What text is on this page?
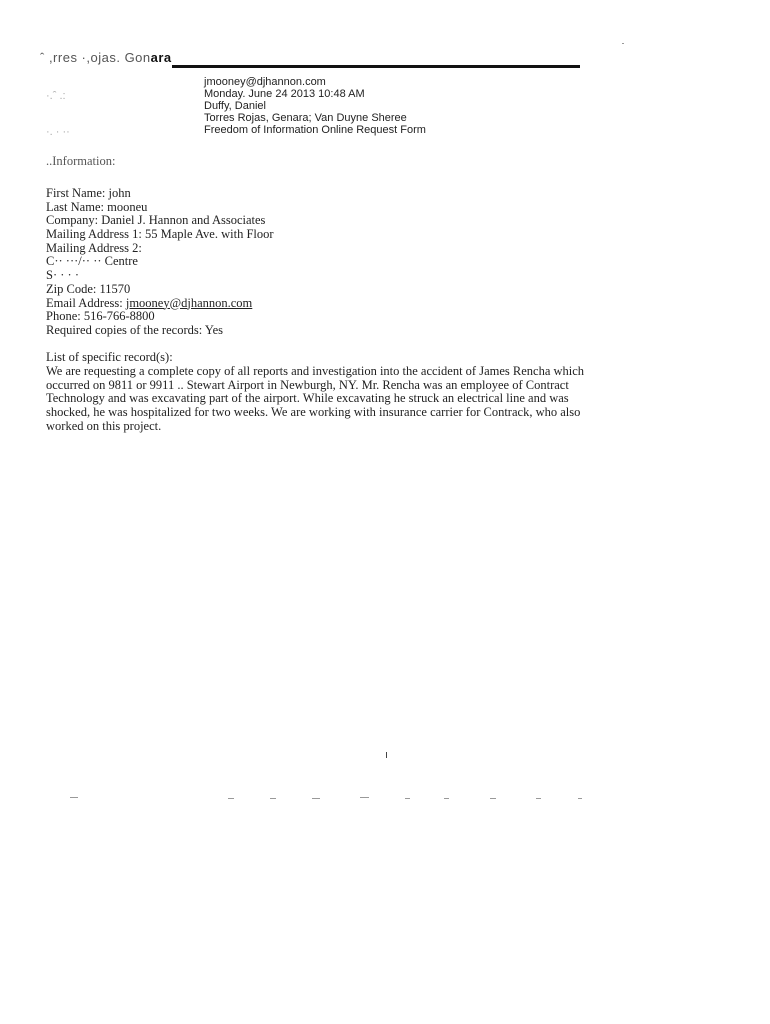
ˆ ,rres ·,ojas. Gonara
·.ˆ .:
·. · ··
jmooney@djhannon.com
Monday. June 24 2013 10:48 AM
Duffy, Daniel
Torres Rojas, Genara; Van Duyne Sheree
Freedom of Information Online Request Form
..Information:
First Name: john
Last Name: mooneu
Company: Daniel J. Hannon and Associates
Mailing Address 1: 55 Maple Ave. with Floor
Mailing Address 2:
C·· ···/·· ·· Centre
S· · · ·
Zip Code: 11570
Email Address: jmooney@djhannon.com
Phone: 516-766-8800
Required copies of the records: Yes
List of specific record(s):
We are requesting a complete copy of all reports and investigation into the accident of James Rencha which
occurred on 9811 or 9911 .. Stewart Airport in Newburgh, NY. Mr. Rencha was an employee of Contract
Technology and was excavating part of the airport. While excavating he struck an electrical line and was
shocked, he was hospitalized for two weeks. We are working with insurance carrier for Contrack, who also
worked on this project.
